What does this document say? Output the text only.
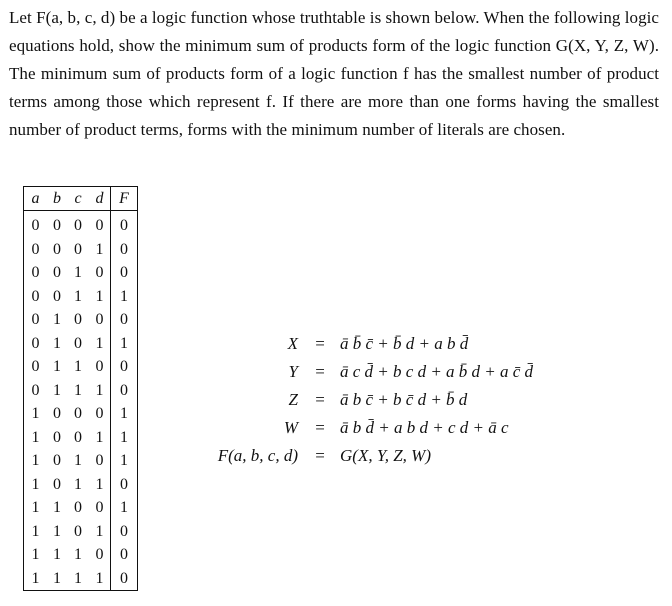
Let F(a, b, c, d) be a logic function whose truthtable is shown below. When the following logic equations hold, show the minimum sum of products form of the logic function G(X, Y, Z, W). The minimum sum of products form of a logic function f has the smallest number of product terms among those which represent f. If there are more than one forms having the smallest number of product terms, forms with the minimum number of literals are chosen.
a	b	c	d	F
0	0	0	0	0
0	0	0	1	0
0	0	1	0	0
0	0	1	1	1
0	1	0	0	0
0	1	0	1	1
0	1	1	0	0
0	1	1	1	0
1	0	0	0	1
1	0	0	1	1
1	0	1	0	1
1	0	1	1	0
1	1	0	0	1
1	1	0	1	0
1	1	1	0	0
1	1	1	1	0
X	= ā b̄ c̄ + b̄ d + a b d̄
Y	= ā c d̄ + b c d + a b̄ d + a c̄ d̄
Z	= ā b c̄ + b c̄ d + b̄ d
W	= ā b d̄ + a b d + c d + ā c
F(a, b, c, d)	= G(X, Y, Z, W)
